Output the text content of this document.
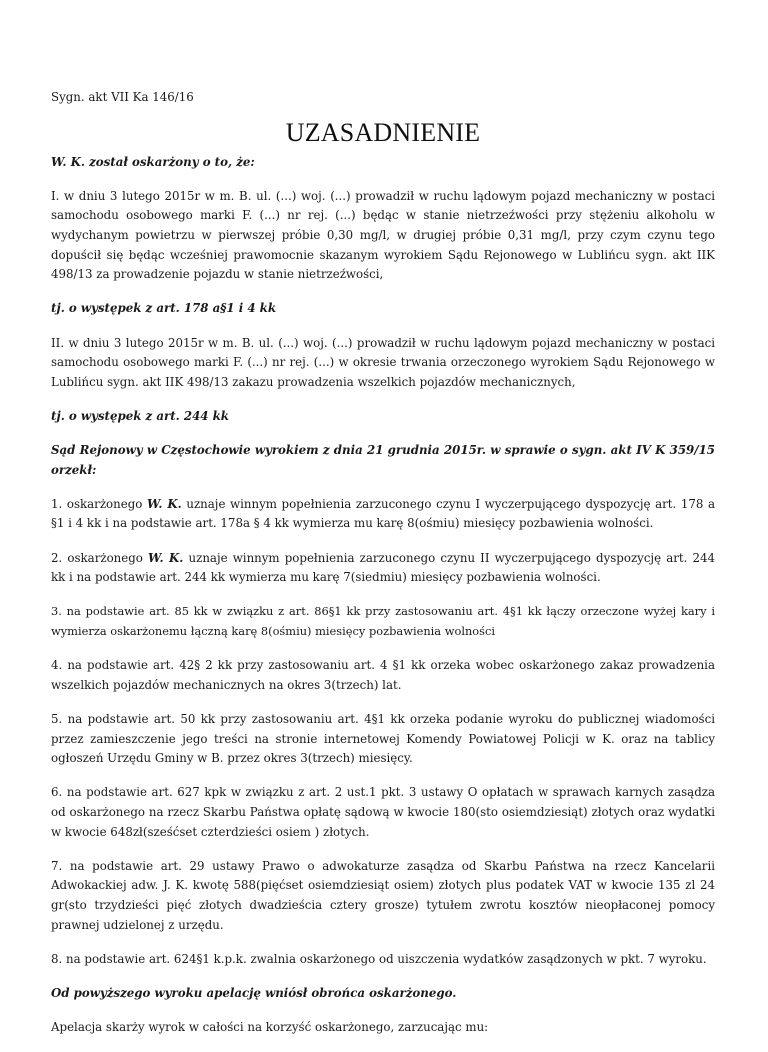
Sygn. akt VII Ka 146/16

UZASADNIENIE

W. K. został oskarżony o to, że:

I. w dniu 3 lutego 2015r w m. B. ul. (...) woj. (...) prowadził w ruchu lądowym pojazd mechaniczny w postaci samochodu osobowego marki F. (...) nr rej. (...) będąc w stanie nietrzeźwości przy stężeniu alkoholu w wydychanym powietrzu w pierwszej próbie 0,30 mg/l, w drugiej próbie 0,31 mg/l, przy czym czynu tego dopuścił się będąc wcześniej prawomocnie skazanym wyrokiem Sądu Rejonowego w Lublińcu sygn. akt IIK 498/13 za prowadzenie pojazdu w stanie nietrzeźwości,

tj. o występek z art. 178 a§1 i 4 kk

II. w dniu 3 lutego 2015r w m. B. ul. (...) woj. (...) prowadził w ruchu lądowym pojazd mechaniczny w postaci samochodu osobowego marki F. (...) nr rej. (...) w okresie trwania orzeczonego wyrokiem Sądu Rejonowego w Lublińcu sygn. akt IIK 498/13 zakazu prowadzenia wszelkich pojazdów mechanicznych,

tj. o występek z art. 244 kk

Sąd Rejonowy w Częstochowie wyrokiem z dnia 21 grudnia 2015r. w sprawie o sygn. akt IV K 359/15 orzekł:

1. oskarżonego W. K. uznaje winnym popełnienia zarzuconego czynu I wyczerpującego dyspozycję art. 178 a §1 i 4 kk i na podstawie art. 178a § 4 kk wymierza mu karę 8(ośmiu) miesięcy pozbawienia wolności.

2. oskarżonego W. K. uznaje winnym popełnienia zarzuconego czynu II wyczerpującego dyspozycję art. 244 kk i na podstawie art. 244 kk wymierza mu karę 7(siedmiu) miesięcy pozbawienia wolności.

3. na podstawie art. 85 kk w związku z art. 86§1 kk przy zastosowaniu art. 4§1 kk łączy orzeczone wyżej kary i wymierza oskarżonemu łączną karę 8(ośmiu) miesięcy pozbawienia wolności

4. na podstawie art. 42§ 2 kk przy zastosowaniu art. 4 §1 kk orzeka wobec oskarżonego zakaz prowadzenia wszelkich pojazdów mechanicznych na okres 3(trzech) lat.

5. na podstawie art. 50 kk przy zastosowaniu art. 4§1 kk orzeka podanie wyroku do publicznej wiadomości przez zamieszczenie jego treści na stronie internetowej Komendy Powiatowej Policji w K. oraz na tablicy ogłoszeń Urzędu Gminy w B. przez okres 3(trzech) miesięcy.

6. na podstawie art. 627 kpk w związku z art. 2 ust.1 pkt. 3 ustawy O opłatach w sprawach karnych zasądza od oskarżonego na rzecz Skarbu Państwa opłatę sądową w kwocie 180(sto osiemdziesiąt) złotych oraz wydatki w kwocie 648zł(sześćset czterdzieści osiem ) złotych.

7. na podstawie art. 29 ustawy Prawo o adwokaturze zasądza od Skarbu Państwa na rzecz Kancelarii Adwokackiej adw. J. K. kwotę 588(pięćset osiemdziesiąt osiem) złotych plus podatek VAT w kwocie 135 zl 24 gr(sto trzydzieści pięć złotych dwadzieścia cztery grosze) tytułem zwrotu kosztów nieopłaconej pomocy prawnej udzielonej z urzędu.

8. na podstawie art. 624§1 k.p.k. zwalnia oskarżonego od uiszczenia wydatków zasądzonych w pkt. 7 wyroku.

Od powyższego wyroku apelację wniósł obrońca oskarżonego.

Apelacja skarży wyrok w całości na korzyść oskarżonego, zarzucając mu:
